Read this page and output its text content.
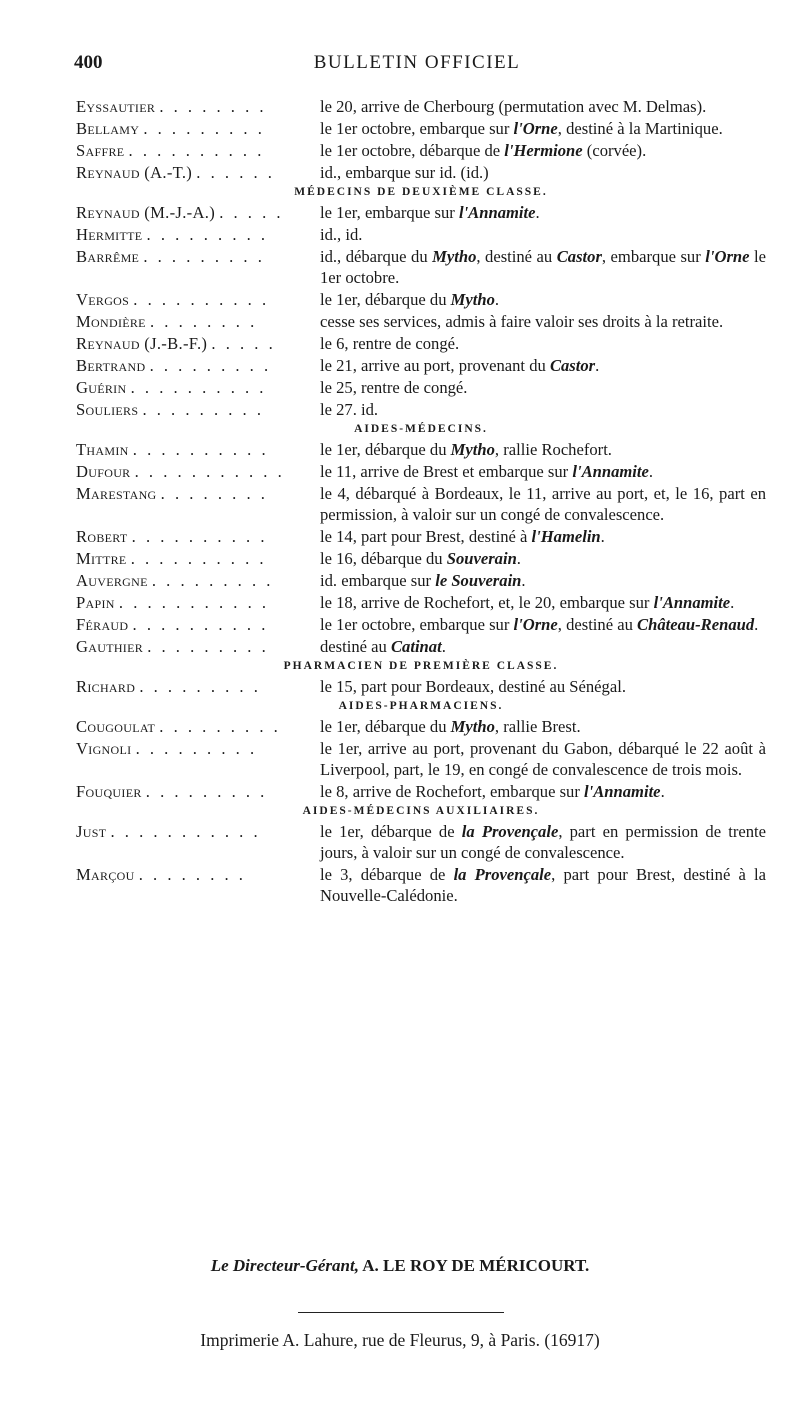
400	BULLETIN OFFICIEL
Eyssautier . . . . . . . .	le 20, arrive de Cherbourg (permutation avec M. Delmas).
Bellamy . . . . . . . . .	le 1er octobre, embarque sur l'Orne, destiné à la Martinique.
Saffre . . . . . . . . . .	le 1er octobre, débarque de l'Hermione (corvée).
Reynaud (A.-T.) . . . . . .	id., embarque sur id. (id.)
MÉDECINS DE DEUXIÈME CLASSE.
Reynaud (M.-J.-A.) . . . . .	le 1er, embarque sur l'Annamite.
Hermitte . . . . . . . . .	id., id.
Barrême . . . . . . . . .	id., débarque du Mytho, destiné au Castor, embarque sur l'Orne le 1er octobre.
Vergos . . . . . . . . . .	le 1er, débarque du Mytho.
Mondière . . . . . . . .	cesse ses services, admis à faire valoir ses droits à la retraite.
Reynaud (J.-B.-F.) . . . . .	le 6, rentre de congé.
Bertrand . . . . . . . . .	le 21, arrive au port, provenant du Castor.
Guérin . . . . . . . . . .	le 25, rentre de congé.
Souliers . . . . . . . . .	le 27. id.
AIDES-MÉDECINS.
Thamin . . . . . . . . . .	le 1er, débarque du Mytho, rallie Rochefort.
Dufour . . . . . . . . . . .	le 11, arrive de Brest et embarque sur l'Annamite.
Marestang . . . . . . . .	le 4, débarqué à Bordeaux, le 11, arrive au port, et, le 16, part en permission, à valoir sur un congé de convalescence.
Robert . . . . . . . . . .	le 14, part pour Brest, destiné à l'Hamelin.
Mittre . . . . . . . . . .	le 16, débarque du Souverain.
Auvergne . . . . . . . . .	id. embarque sur le Souverain.
Papin . . . . . . . . . . .	le 18, arrive de Rochefort, et, le 20, embarque sur l'Annamite.
Féraud . . . . . . . . . .	le 1er octobre, embarque sur l'Orne, destiné au Château-Renaud.
Gauthier . . . . . . . . .	destiné au Catinat.
PHARMACIEN DE PREMIÈRE CLASSE.
Richard . . . . . . . . .	le 15, part pour Bordeaux, destiné au Sénégal.
AIDES-PHARMACIENS.
Cougoulat . . . . . . . . .	le 1er, débarque du Mytho, rallie Brest.
Vignoli . . . . . . . . .	le 1er, arrive au port, provenant du Gabon, débarqué le 22 août à Liverpool, part, le 19, en congé de convalescence de trois mois.
Fouquier . . . . . . . . .	le 8, arrive de Rochefort, embarque sur l'Annamite.
AIDES-MÉDECINS AUXILIAIRES.
Just . . . . . . . . . . .	le 1er, débarque de la Provençale, part en permission de trente jours, à valoir sur un congé de convalescence.
Marçou . . . . . . . .	le 3, débarque de la Provençale, part pour Brest, destiné à la Nouvelle-Calédonie.
Le Directeur-Gérant, A. LE ROY DE MÉRICOURT.
Imprimerie A. Lahure, rue de Fleurus, 9, à Paris. (16917)
